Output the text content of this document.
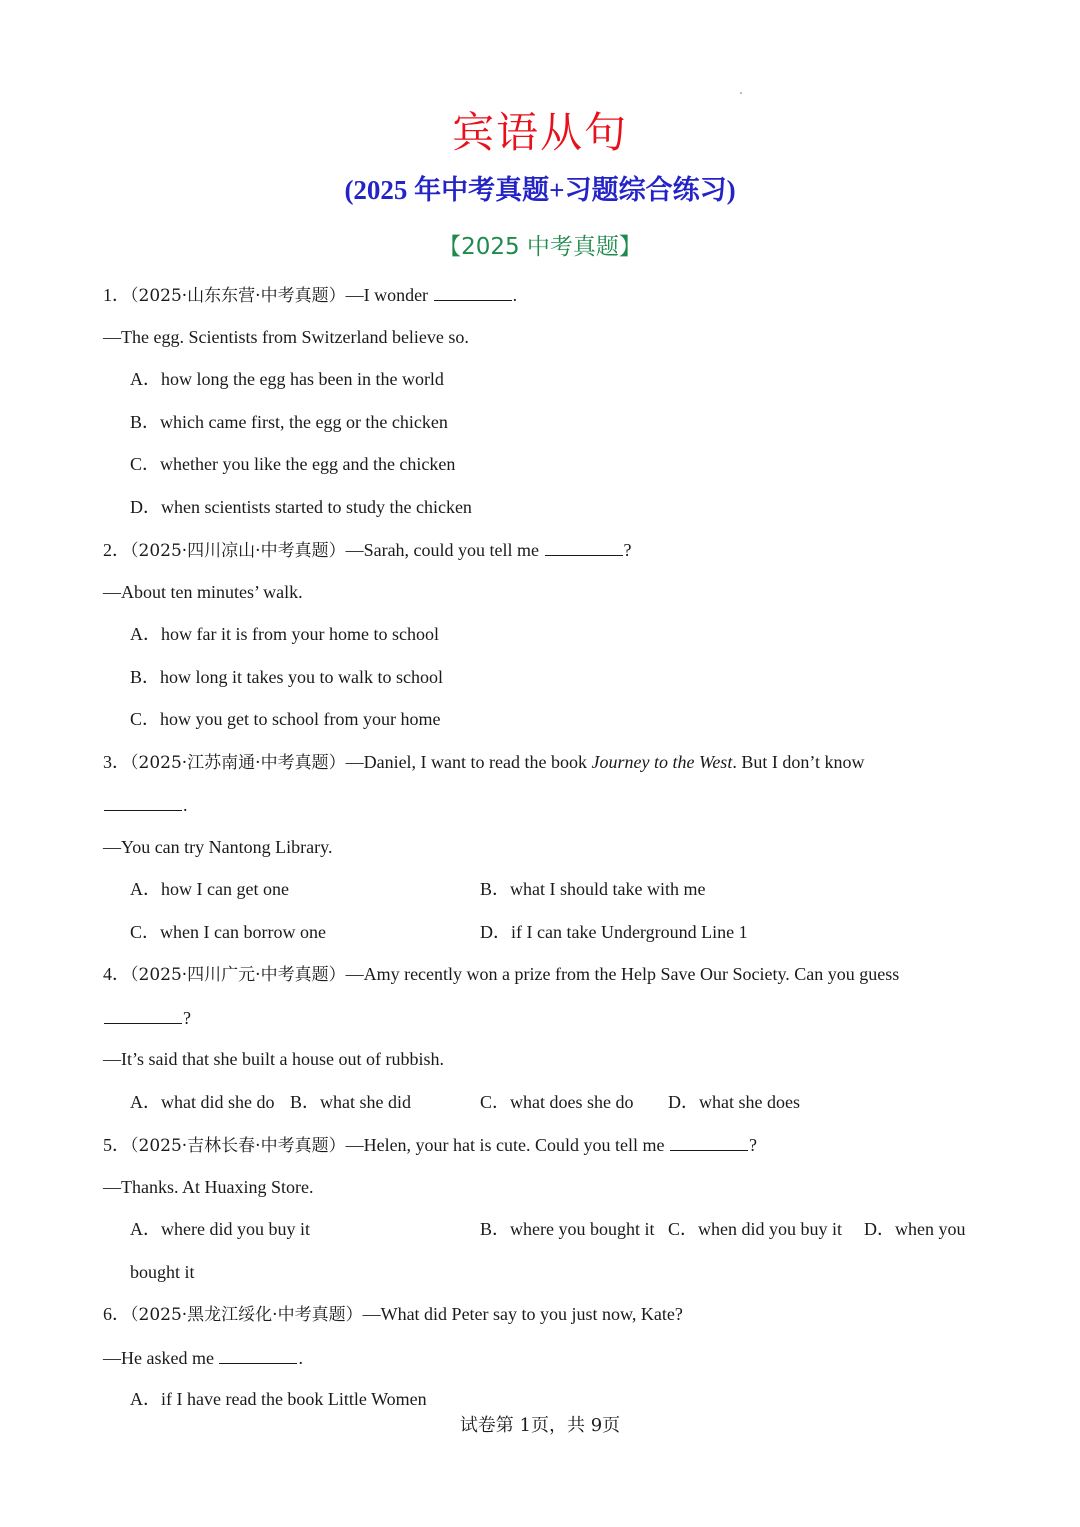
宾语从句
(2025 年中考真题+习题综合练习)
【2025 中考真题】
1．（2025·山东东营·中考真题）—I wonder	.
—The egg. Scientists from Switzerland believe so.
A．how long the egg has been in the world
B．which came first, the egg or the chicken
C．whether you like the egg and the chicken
D．when scientists started to study the chicken
2．（2025·四川凉山·中考真题）—Sarah, could you tell me	?
—About ten minutes’ walk.
A．how far it is from your home to school
B．how long it takes you to walk to school
C．how you get to school from your home
3．（2025·江苏南通·中考真题）—Daniel, I want to read the book Journey to the West. But I don’t know
.
—You can try Nantong Library.
A．how I can get one	B．what I should take with me
C．when I can borrow one	D．if I can take Underground Line 1
4．（2025·四川广元·中考真题）—Amy recently won a prize from the Help Save Our Society. Can you guess
?
—It’s said that she built a house out of rubbish.
A．what did she do B．what she did	C．what does she do D．what she does
5．（2025·吉林长春·中考真题）—Helen, your hat is cute. Could you tell me	?
—Thanks. At Huaxing Store.
A．where did you buy it	B．where you bought it C．when did you buy it D．when you
bought it
6．（2025·黑龙江绥化·中考真题）—What did Peter say to you just now, Kate?
—He asked me	.
A．if I have read the book Little Women
试卷第 1页，共 9页
